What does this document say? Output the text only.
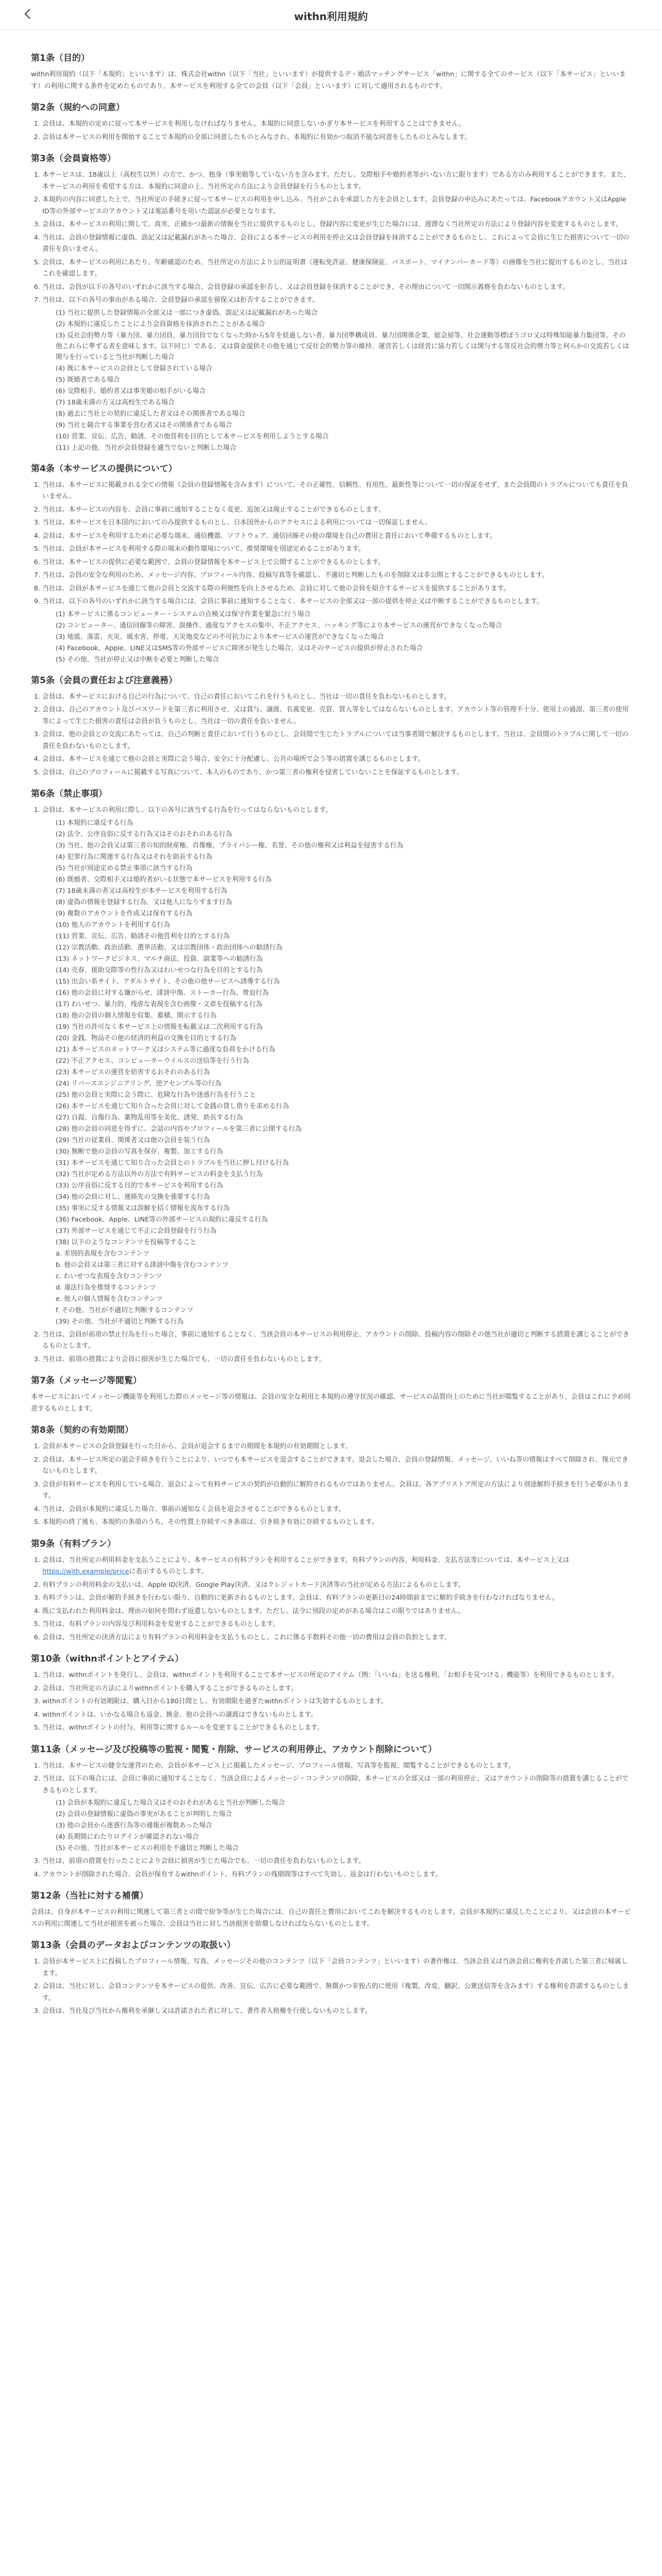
withn利用規約
第1条（目的）

withn利用規約（以下「本規約」といいます）は、株式会社withn（以下「当社」といいます）が提供するデ・婚活マッチングサービス「withn」に関する全てのサービス（以下「本サービス」といいます）の利用に関する条件を定めたものであり、本サービスを利用する全ての会員（以下「会員」といいます）に対して適用されるものです。

第2条（規約への同意）
1. 会員は、本規約の定めに従って本サービスを利用しなければなりません。本規約に同意しないかぎり本サービスを利用することはできません。
2. 会員は本サービスの利用を開始することで本規約の全部に同意したものとみなされ、本規約に有効かつ取消不能な同意をしたものとみなします。
第3条（会員資格等）
1. 本サービスは、18歳以上（高校生以外）の方で、かつ、独身（事実婚等していない方を含みます。ただし、交際相手や婚約者等がいない方に限ります）である方のみ利用することができます。また、本サービスの利用を希望する方は、本規約に同意の上、当社所定の方法により会員登録を行うものとします。
2. 本規約の内容に同意した上で、当社所定の手続きに従って本サービスの利用を申し込み、当社がこれを承認した方を会員とします。会員登録の申込みにあたっては、Facebookアカウント又はApple ID等の外部サービスのアカウント又は電話番号を用いた認証が必要となります。
3. 会員は、本サービスの利用に関して、真実、正確かつ最新の情報を当社に提供するものとし、登録内容に変更が生じた場合には、遅滞なく当社所定の方法により登録内容を変更するものとします。
4. 当社は、会員の登録情報に虚偽、誤記又は記載漏れがあった場合、会員による本サービスの利用を停止又は会員登録を抹消することができるものとし、これによって会員に生じた損害について一切の責任を負いません。
5. 会員は、本サービスの利用にあたり、年齢確認のため、当社所定の方法により公的証明書（運転免許証、健康保険証、パスポート、マイナンバーカード等）の画像を当社に提出するものとし、当社はこれを確認します。
6. 当社は、会員が以下の各号のいずれかに該当する場合、会員登録の承認を拒否し、又は会員登録を抹消することができ、その理由について一切開示義務を負わないものとします。
7. 当社は、以下の各号の事由がある場合、会員登録の承認を留保又は拒否することができます。
(1) 当社に提供した登録情報の全部又は一部につき虚偽、誤記又は記載漏れがあった場合
(2) 本規約に違反したことにより会員資格を抹消されたことがある場合
(3) 反社会的勢力等（暴力団、暴力団員、暴力団員でなくなった時から5年を経過しない者、暴力団準構成員、暴力団関係企業、総会屋等、社会運動等標ぼうゴロ又は特殊知能暴力集団等、その他これらに準ずる者を意味します。以下同じ）である、又は資金提供その他を通じて反社会的勢力等の維持、運営若しくは経営に協力若しくは関与する等反社会的勢力等と何らかの交流若しくは関与を行っていると当社が判断した場合
(4) 既に本サービスの会員として登録されている場合
(5) 既婚者である場合
(6) 交際相手、婚約者又は事実婚の相手がいる場合
(7) 18歳未満の方又は高校生である場合
(8) 過去に当社との契約に違反した者又はその関係者である場合
(9) 当社と競合する事業を営む者又はその関係者である場合
(10) 営業、宣伝、広告、勧誘、その他営利を目的として本サービスを利用しようとする場合
(11) 上記の他、当社が会員登録を適当でないと判断した場合
第4条（本サービスの提供について）
1. 当社は、本サービスに掲載される全ての情報（会員の登録情報を含みます）について、その正確性、信頼性、有用性、最新性等について一切の保証をせず、また会員間のトラブルについても責任を負いません。
2. 当社は、本サービスの内容を、会員に事前に通知することなく変更、追加又は廃止することができるものとします。
3. 当社は、本サービスを日本国内においてのみ提供するものとし、日本国外からのアクセスによる利用については一切保証しません。
4. 会員は、本サービスを利用するために必要な端末、通信機器、ソフトウェア、通信回線その他の環境を自己の費用と責任において準備するものとします。
5. 当社は、会員が本サービスを利用する際の端末の動作環境について、推奨環境を別途定めることがあります。
6. 当社は、本サービスの提供に必要な範囲で、会員の登録情報を本サービス上で公開することができるものとします。
7. 当社は、会員の安全な利用のため、メッセージ内容、プロフィール内容、投稿写真等を確認し、不適切と判断したものを削除又は非公開とすることができるものとします。
8. 当社は、会員が本サービスを通じて他の会員と交流する際の利便性を向上させるため、会員に対して他の会員を紹介するサービスを提供することがあります。
9. 当社は、以下の各号のいずれかに該当する場合には、会員に事前に通知することなく、本サービスの全部又は一部の提供を停止又は中断することができるものとします。
(1) 本サービスに係るコンピューター・システムの点検又は保守作業を緊急に行う場合
(2) コンピューター、通信回線等の障害、誤操作、過度なアクセスの集中、不正アクセス、ハッキング等により本サービスの運営ができなくなった場合
(3) 地震、落雷、火災、風水害、停電、天災地変などの不可抗力により本サービスの運営ができなくなった場合
(4) Facebook、Apple、LINE又はSMS等の外部サービスに障害が発生した場合、又はそのサービスの提供が停止された場合
(5) その他、当社が停止又は中断を必要と判断した場合
第5条（会員の責任および注意義務）
1. 会員は、本サービスにおける自己の行為について、自己の責任においてこれを行うものとし、当社は一切の責任を負わないものとします。
2. 会員は、自己のアカウント及びパスワードを第三者に利用させ、又は貸与、譲渡、名義変更、売買、質入等をしてはならないものとします。アカウント等の管理不十分、使用上の過誤、第三者の使用等によって生じた損害の責任は会員が負うものとし、当社は一切の責任を負いません。
3. 会員は、他の会員との交流にあたっては、自己の判断と責任において行うものとし、会員間で生じたトラブルについては当事者間で解決するものとします。当社は、会員間のトラブルに関して一切の責任を負わないものとします。
4. 会員は、本サービスを通じて他の会員と実際に会う場合、安全に十分配慮し、公共の場所で会う等の措置を講じるものとします。
5. 会員は、自己のプロフィールに掲載する写真について、本人のものであり、かつ第三者の権利を侵害していないことを保証するものとします。
第6条（禁止事項）
1. 会員は、本サービスの利用に際し、以下の各号に該当する行為を行ってはならないものとします。
(1) 本規約に違反する行為
(2) 法令、公序良俗に反する行為又はそのおそれのある行為
(3) 当社、他の会員又は第三者の知的財産権、肖像権、プライバシー権、名誉、その他の権利又は利益を侵害する行為
(4) 犯罪行為に関連する行為又はそれを助長する行為
(5) 当社が別途定める禁止事項に該当する行為
(6) 既婚者、交際相手又は婚約者がいる状態で本サービスを利用する行為
(7) 18歳未満の者又は高校生が本サービスを利用する行為
(8) 虚偽の情報を登録する行為、又は他人になりすます行為
(9) 複数のアカウントを作成又は保有する行為
(10) 他人のアカウントを利用する行為
(11) 営業、宣伝、広告、勧誘その他営利を目的とする行為
(12) 宗教活動、政治活動、選挙活動、又は宗教団体・政治団体への勧誘行為
(13) ネットワークビジネス、マルチ商法、投資、副業等への勧誘行為
(14) 売春、援助交際等の性行為又はわいせつな行為を目的とする行為
(15) 出会い系サイト、アダルトサイト、その他の他サービスへ誘導する行為
(16) 他の会員に対する嫌がらせ、誹謗中傷、ストーカー行為、脅迫行為
(17) わいせつ、暴力的、残虐な表現を含む画像・文章を投稿する行為
(18) 他の会員の個人情報を収集、蓄積、開示する行為
(19) 当社の許可なく本サービス上の情報を転載又は二次利用する行為
(20) 金銭、物品その他の経済的利益の交換を目的とする行為
(21) 本サービスのネットワーク又はシステム等に過度な負荷をかける行為
(22) 不正アクセス、コンピューターウイルスの送信等を行う行為
(23) 本サービスの運営を妨害するおそれのある行為
(24) リバースエンジニアリング、逆アセンブル等の行為
(25) 他の会員と実際に会う際に、危険な行為や迷惑行為を行うこと
(26) 本サービスを通じて知り合った会員に対して金銭の貸し借りを求める行為
(27) 自殺、自傷行為、薬物乱用等を美化、誘発、助長する行為
(28) 他の会員の同意を得ずに、会話の内容やプロフィールを第三者に公開する行為
(29) 当社の従業員、関係者又は他の会員を装う行為
(30) 無断で他の会員の写真を保存、複製、加工する行為
(31) 本サービスを通じて知り合った会員とのトラブルを当社に押し付ける行為
(32) 当社が定める方法以外の方法で有料サービスの料金を支払う行為
(33) 公序良俗に反する目的で本サービスを利用する行為
(34) 他の会員に対し、連絡先の交換を強要する行為
(35) 事実に反する情報又は誤解を招く情報を流布する行為
(36) Facebook、Apple、LINE等の外部サービスの規約に違反する行為
(37) 外部サービスを通じて不正に会員登録を行う行為
(38) 以下のようなコンテンツを投稿等すること
a. 差別的表現を含むコンテンツ
b. 他の会員又は第三者に対する誹謗中傷を含むコンテンツ
c. わいせつな表現を含むコンテンツ
d. 違法行為を推奨するコンテンツ
e. 他人の個人情報を含むコンテンツ
f. その他、当社が不適切と判断するコンテンツ
(39) その他、当社が不適切と判断する行為
2. 当社は、会員が前項の禁止行為を行った場合、事前に通知することなく、当該会員の本サービスの利用停止、アカウントの削除、投稿内容の削除その他当社が適切と判断する措置を講じることができるものとします。
3. 当社は、前項の措置により会員に損害が生じた場合でも、一切の責任を負わないものとします。
第7条（メッセージ等閲覧）

本サービスにおいてメッセージ機能等を利用した際のメッセージ等の情報は、会員の安全な利用と本規約の遵守状況の確認、サービスの品質向上のために当社が閲覧することがあり、会員はこれに予め同意するものとします。

第8条（契約の有効期間）
1. 会員が本サービスの会員登録を行った日から、会員が退会するまでの期間を本規約の有効期間とします。
2. 会員は、本サービス所定の退会手続きを行うことにより、いつでも本サービスを退会することができます。退会した場合、会員の登録情報、メッセージ、いいね等の情報はすべて削除され、復元できないものとします。
3. 会員が有料サービスを利用している場合、退会によって有料サービスの契約が自動的に解約されるものではありません。会員は、各アプリストア所定の方法により別途解約手続きを行う必要があります。
4. 当社は、会員が本規約に違反した場合、事前の通知なく会員を退会させることができるものとします。
5. 本規約の終了後も、本規約の条項のうち、その性質上存続すべき条項は、引き続き有効に存続するものとします。
第9条（有料プラン）
1. 会員は、当社所定の利用料金を支払うことにより、本サービスの有料プランを利用することができます。有料プランの内容、利用料金、支払方法等については、本サービス上又はhttps://with.example/priceに表示するものとします。
2. 有料プランの利用料金の支払いは、Apple ID決済、Google Play決済、又はクレジットカード決済等の当社が定める方法によるものとします。
3. 有料プランは、会員が解約手続きを行わない限り、自動的に更新されるものとします。会員は、有料プランの更新日の24時間前までに解約手続きを行わなければなりません。
4. 既に支払われた利用料金は、理由の如何を問わず返還しないものとします。ただし、法令に別段の定めがある場合はこの限りではありません。
5. 当社は、有料プランの内容及び利用料金を変更することができるものとします。
6. 会員は、当社所定の決済方法により有料プランの利用料金を支払うものとし、これに係る手数料その他一切の費用は会員の負担とします。
第10条（withnポイントとアイテム）
1. 当社は、withnポイントを発行し、会員は、withnポイントを利用することで本サービスの所定のアイテム（例：「いいね」を送る権利、「お相手を見つける」機能等）を利用できるものとします。
2. 会員は、当社所定の方法によりwithnポイントを購入することができるものとします。
3. withnポイントの有効期限は、購入日から180日間とし、有効期限を過ぎたwithnポイントは失効するものとします。
4. withnポイントは、いかなる場合も返金、換金、他の会員への譲渡はできないものとします。
5. 当社は、withnポイントの付与、利用等に関するルールを変更することができるものとします。
第11条（メッセージ及び投稿等の監視・閲覧・削除、サービスの利用停止、アカウント削除について）
1. 当社は、本サービスの健全な運営のため、会員が本サービス上に掲載したメッセージ、プロフィール情報、写真等を監視、閲覧することができるものとします。
2. 当社は、以下の場合には、会員に事前に通知することなく、当該会員によるメッセージ・コンテンツの削除、本サービスの全部又は一部の利用停止、又はアカウントの削除等の措置を講じることができるものとします。
(1) 会員が本規約に違反した場合又はそのおそれがあると当社が判断した場合
(2) 会員の登録情報に虚偽の事実があることが判明した場合
(3) 他の会員から迷惑行為等の通報が複数あった場合
(4) 長期間にわたりログインが確認されない場合
(5) その他、当社が本サービスの利用を不適切と判断した場合
3. 当社は、前項の措置を行ったことにより会員に損害が生じた場合でも、一切の責任を負わないものとします。
4. アカウントが削除された場合、会員が保有するwithnポイント、有料プランの残期間等はすべて失効し、返金は行わないものとします。
第12条（当社に対する補償）

会員は、自身が本サービスの利用に関連して第三者との間で紛争等が生じた場合には、自己の責任と費用においてこれを解決するものとします。会員が本規約に違反したことにより、又は会員の本サービスの利用に関連して当社が損害を被った場合、会員は当社に対し当該損害を賠償しなければならないものとします。

第13条（会員のデータおよびコンテンツの取扱い）
1. 会員が本サービス上に投稿したプロフィール情報、写真、メッセージその他のコンテンツ（以下「会員コンテンツ」といいます）の著作権は、当該会員又は当該会員に権利を許諾した第三者に帰属します。
2. 会員は、当社に対し、会員コンテンツを本サービスの提供、改善、宣伝、広告に必要な範囲で、無償かつ非独占的に使用（複製、改変、翻訳、公衆送信等を含みます）する権利を許諾するものとします。
3. 会員は、当社及び当社から権利を承継し又は許諾された者に対して、著作者人格権を行使しないものとします。
